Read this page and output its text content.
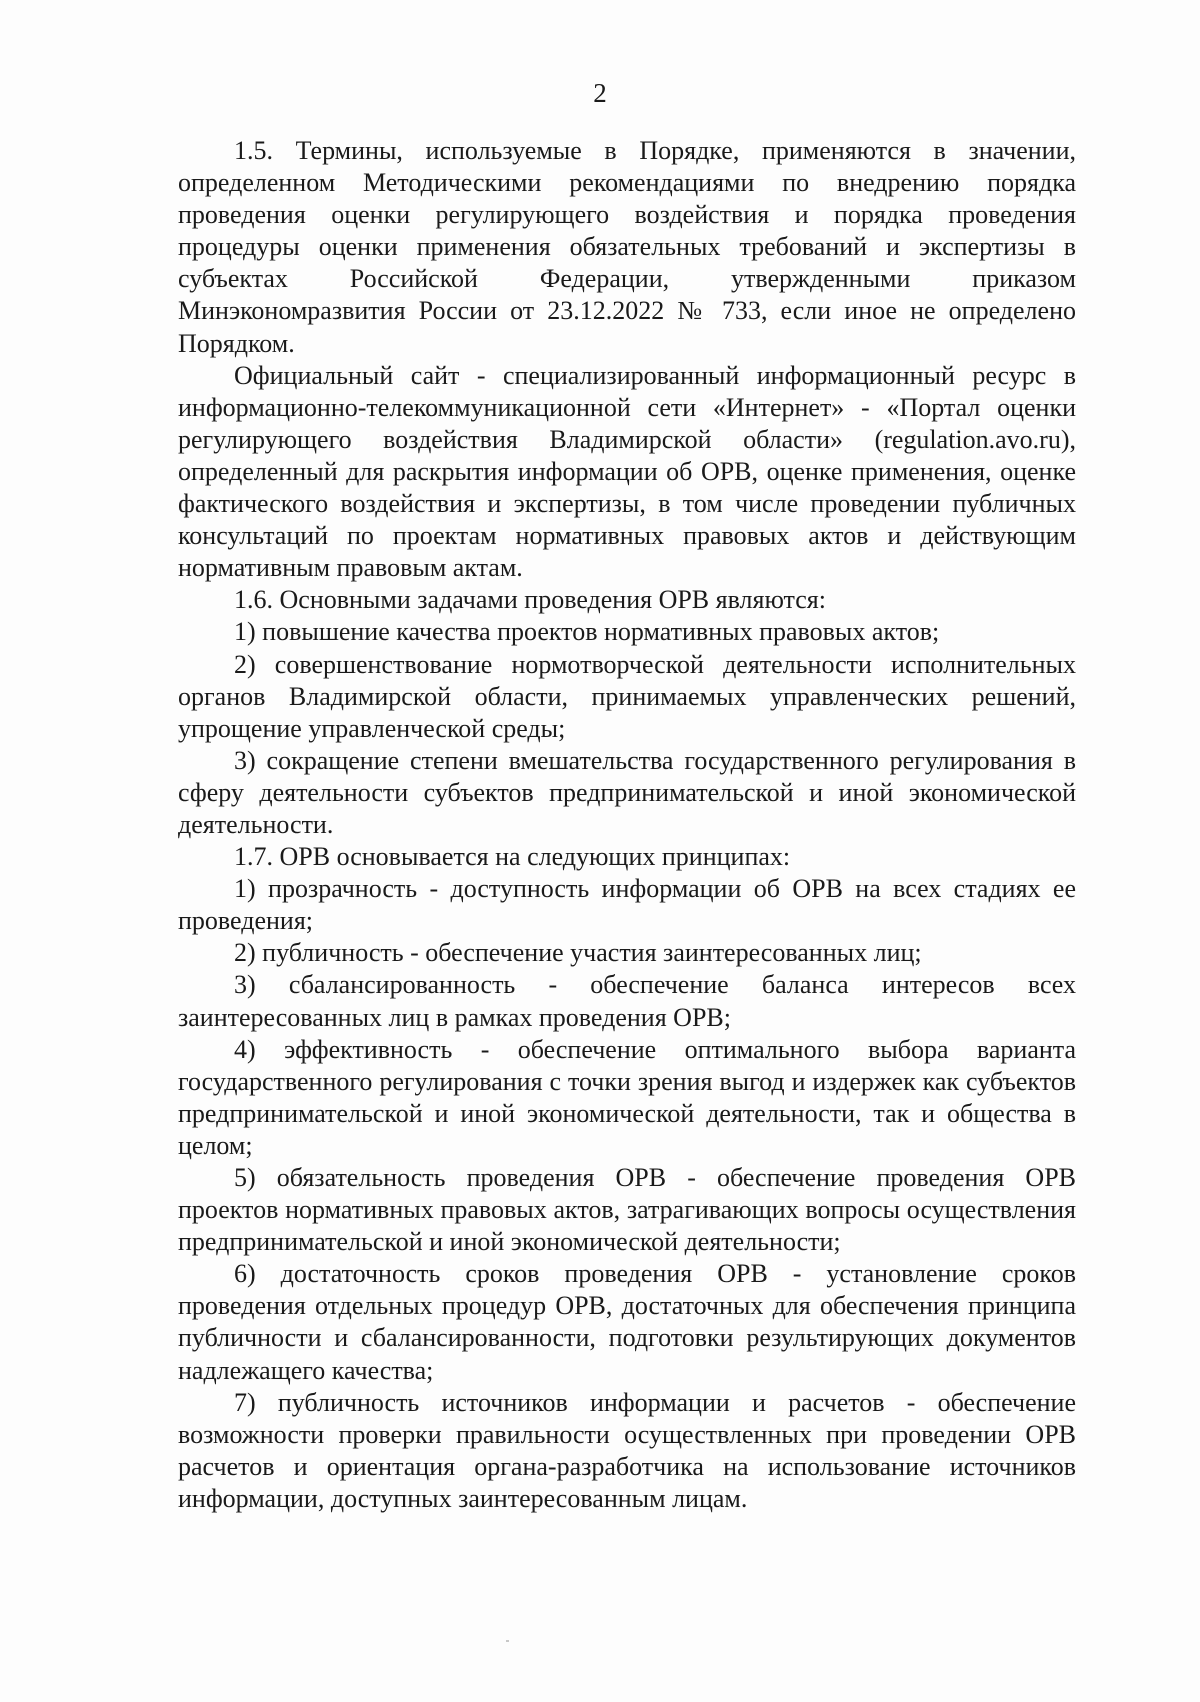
2

1.5. Термины, используемые в Порядке, применяются в значении, определенном Методическими рекомендациями по внедрению порядка проведения оценки регулирующего воздействия и порядка проведения процедуры оценки применения обязательных требований и экспертизы в субъектах Российской Федерации, утвержденными приказом Минэкономразвития России от 23.12.2022 № 733, если иное не определено Порядком.

Официальный сайт - специализированный информационный ресурс в информационно-телекоммуникационной сети «Интернет» - «Портал оценки регулирующего воздействия Владимирской области» (regulation.avo.ru), определенный для раскрытия информации об ОРВ, оценке применения, оценке фактического воздействия и экспертизы, в том числе проведении публичных консультаций по проектам нормативных правовых актов и действующим нормативным правовым актам.

1.6. Основными задачами проведения ОРВ являются:

1) повышение качества проектов нормативных правовых актов;

2) совершенствование нормотворческой деятельности исполнительных органов Владимирской области, принимаемых управленческих решений, упрощение управленческой среды;

3) сокращение степени вмешательства государственного регулирования в сферу деятельности субъектов предпринимательской и иной экономической деятельности.

1.7. ОРВ основывается на следующих принципах:

1) прозрачность - доступность информации об ОРВ на всех стадиях ее проведения;

2) публичность - обеспечение участия заинтересованных лиц;

3) сбалансированность - обеспечение баланса интересов всех заинтересованных лиц в рамках проведения ОРВ;

4) эффективность - обеспечение оптимального выбора варианта государственного регулирования с точки зрения выгод и издержек как субъектов предпринимательской и иной экономической деятельности, так и общества в целом;

5) обязательность проведения ОРВ - обеспечение проведения ОРВ проектов нормативных правовых актов, затрагивающих вопросы осуществления предпринимательской и иной экономической деятельности;

6) достаточность сроков проведения ОРВ - установление сроков проведения отдельных процедур ОРВ, достаточных для обеспечения принципа публичности и сбалансированности, подготовки результирующих документов надлежащего качества;

7) публичность источников информации и расчетов - обеспечение возможности проверки правильности осуществленных при проведении ОРВ расчетов и ориентация органа-разработчика на использование источников информации, доступных заинтересованным лицам.
